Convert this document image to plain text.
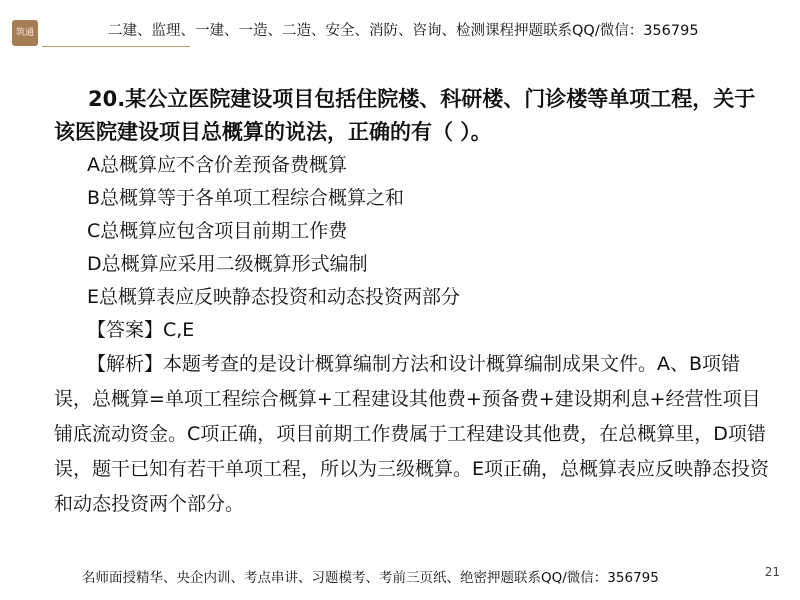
筑通	二建、监理、一建、一造、二造、安全、消防、咨询、检测课程押题联系QQ/微信：356795

20.某公立医院建设项目包括住院楼、科研楼、门诊楼等单项工程，关于该医院建设项目总概算的说法，正确的有（ ）。

A总概算应不含价差预备费概算

B总概算等于各单项工程综合概算之和

C总概算应包含项目前期工作费

D总概算应采用二级概算形式编制

E总概算表应反映静态投资和动态投资两部分

【答案】C,E

【解析】本题考查的是设计概算编制方法和设计概算编制成果文件。A、B项错误，总概算=单项工程综合概算+工程建设其他费+预备费+建设期利息+经营性项目铺底流动资金。C项正确，项目前期工作费属于工程建设其他费，在总概算里，D项错误，题干已知有若干单项工程，所以为三级概算。E项正确，总概算表应反映静态投资和动态投资两个部分。

名师面授精华、央企内训、考点串讲、习题模考、考前三页纸、绝密押题联系QQ/微信：356795	21
